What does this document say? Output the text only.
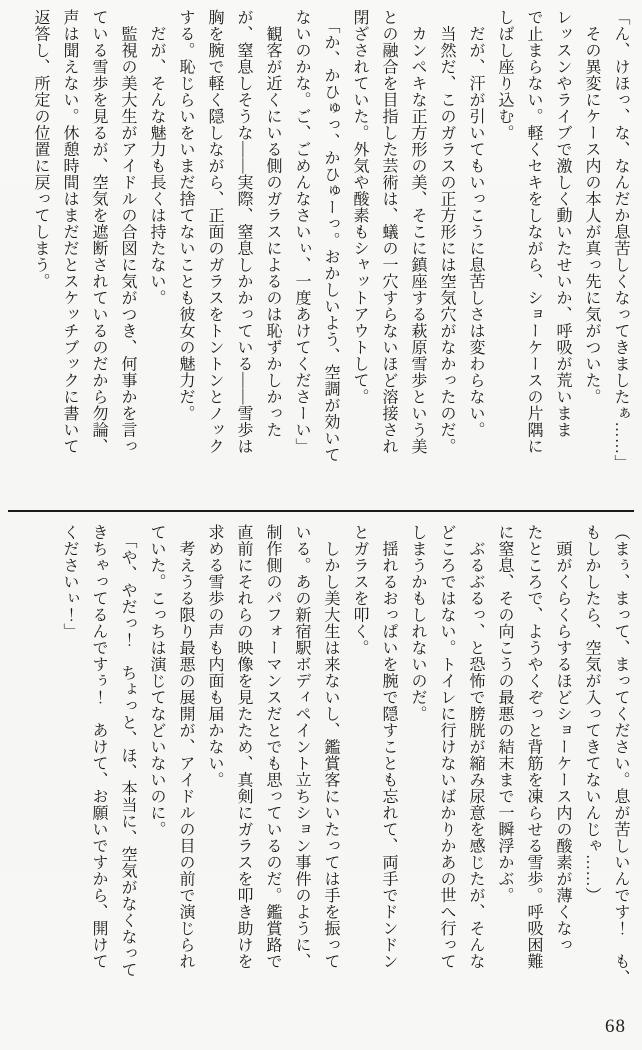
「ん、けほっ、な、なんだか息苦しくなってきましたぁ……」
　その異変にケース内の本人が真っ先に気がついた。
レッスンやライブで激しく動いたせいか、呼吸が荒いまま
で止まらない。軽くセキをしながら、ショーケースの片隅に
しばし座り込む。
　だが、汗が引いてもいっこうに息苦しさは変わらない。
　当然だ、このガラスの正方形には空気穴がなかったのだ。
　カンペキな正方形の美、そこに鎮座する萩原雪歩という美
との融合を目指した芸術は、蟻の一穴すらないほど溶接され
閉ざされていた。外気や酸素もシャットアウトして。
　「か、かひゅっ、かひゅーっ。おかしいよう、空調が効いて
ないのかな。ご、ごめんなさいぃ、一度あけてくださーい」
　観客が近くにいる側のガラスによるのは恥ずかしかった
が、窒息しそうな――実際、窒息しかかっている――雪歩は
胸を腕で軽く隠しながら、正面のガラスをトントンとノック
する。恥じらいをいまだ捨てないことも彼女の魅力だ。
　だが、そんな魅力も長くは持たない。
　監視の美大生がアイドルの合図に気がつき、何事かを言っ
ている雪歩を見るが、空気を遮断されているのだから勿論、
声は聞えない。休憩時間はまだだとスケッチブックに書いて
返答し、所定の位置に戻ってしまう。
（まぅ、まって、まってください。息が苦しいんです！　も、
もしかしたら、空気が入ってきてないんじゃ……）
　頭がくらくらするほどショーケース内の酸素が薄くなっ
たところで、ようやくぞっと背筋を凍らせる雪歩。呼吸困難
に窒息、その向こうの最悪の結末まで一瞬浮かぶ。
　ぶるぶるっ、と恐怖で膀胱が縮み尿意を感じたが、そんな
どころではない。トイレに行けないばかりかあの世へ行って
しまうかもしれないのだ。
　揺れるおっぱいを腕で隠すことも忘れて、両手でドンドン
とガラスを叩く。
　しかし美大生は来ないし、鑑賞客にいたっては手を振って
いる。あの新宿駅ボディペイント立ちション事件のように、
制作側のパフォーマンスだとでも思っているのだ。鑑賞路で
直前にそれらの映像を見たため、真剣にガラスを叩き助けを
求める雪歩の声も内面も届かない。
　考えうる限り最悪の展開が、アイドルの目の前で演じられ
ていた。こっちは演じてなどいないのに。
　「や、やだっ！　ちょっと、ほ、本当に、空気がなくなって
きちゃってるんですぅ！　あけて、お願いですから、開けて
くださいぃ！」
68
